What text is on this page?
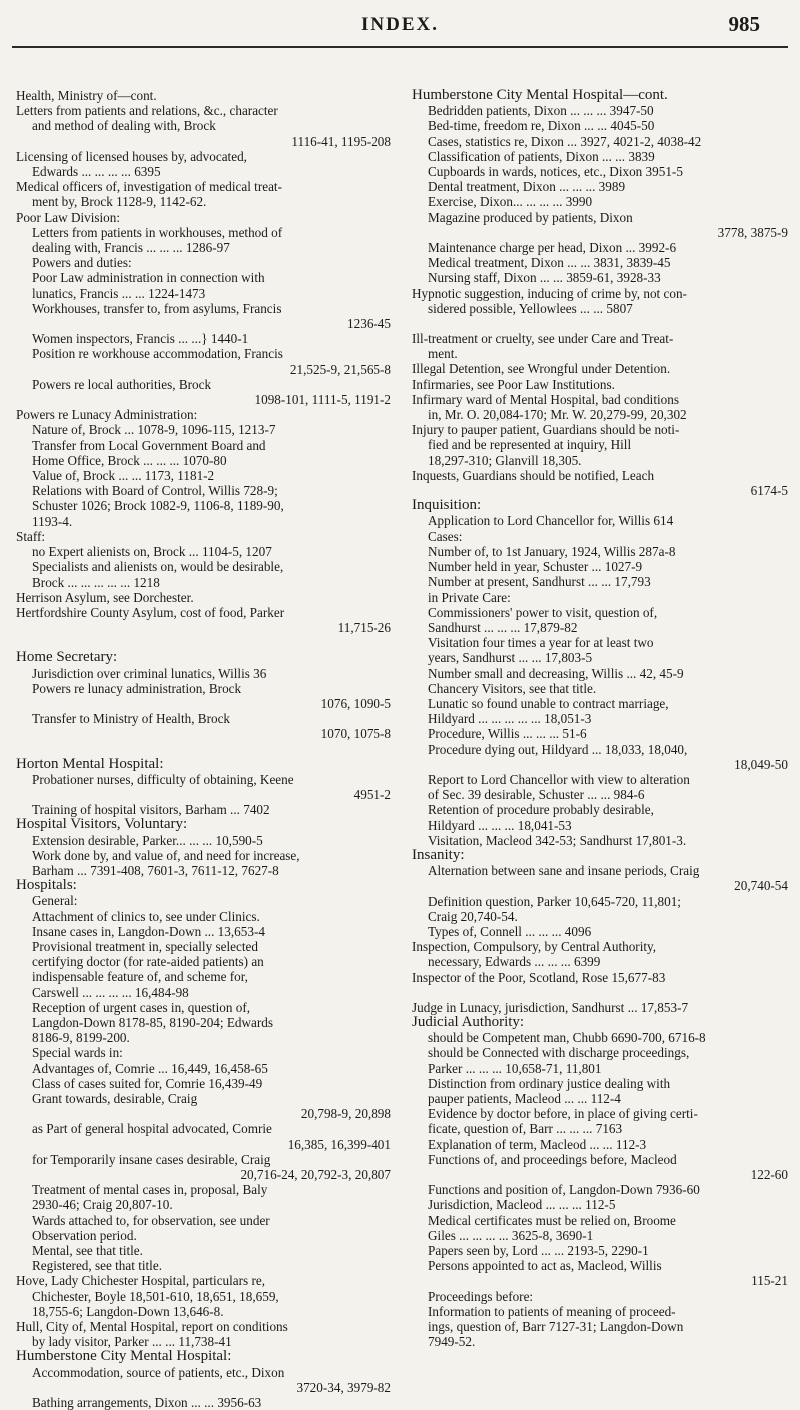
INDEX.	985
Health, Ministry of—cont.
Letters from patients and relations, &c., character
and method of dealing with, Brock
1116-41, 1195-208
Licensing of licensed houses by, advocated,
Edwards ... ... ... ... 6395
Medical officers of, investigation of medical treat-
ment by, Brock 1128-9, 1142-62.
Poor Law Division:
Letters from patients in workhouses, method of
dealing with, Francis ... ... ... 1286-97
Powers and duties:
Poor Law administration in connection with
lunatics, Francis ... ... 1224-1473
Workhouses, transfer to, from asylums, Francis
1236-45
Women inspectors, Francis ... ...} 1440-1
Position re workhouse accommodation, Francis
21,525-9, 21,565-8
Powers re local authorities, Brock
1098-101, 1111-5, 1191-2
Powers re Lunacy Administration:
Nature of, Brock ... 1078-9, 1096-115, 1213-7
Transfer from Local Government Board and
Home Office, Brock ... ... ... 1070-80
Value of, Brock ... ... 1173, 1181-2
Relations with Board of Control, Willis 728-9;
Schuster 1026; Brock 1082-9, 1106-8, 1189-90,
1193-4.
Staff:
no Expert alienists on, Brock ... 1104-5, 1207
Specialists and alienists on, would be desirable,
Brock ... ... ... ... ... 1218
Herrison Asylum, see Dorchester.
Hertfordshire County Asylum, cost of food, Parker
11,715-26
Home Secretary:
Jurisdiction over criminal lunatics, Willis 36
Powers re lunacy administration, Brock
1076, 1090-5
Transfer to Ministry of Health, Brock
1070, 1075-8
Horton Mental Hospital:
Probationer nurses, difficulty of obtaining, Keene
4951-2
Training of hospital visitors, Barham ... 7402
Hospital Visitors, Voluntary:
Extension desirable, Parker... ... ... 10,590-5
Work done by, and value of, and need for increase,
Barham ... 7391-408, 7601-3, 7611-12, 7627-8
Hospitals:
General:
Attachment of clinics to, see under Clinics.
Insane cases in, Langdon-Down ... 13,653-4
Provisional treatment in, specially selected
certifying doctor (for rate-aided patients) an
indispensable feature of, and scheme for,
Carswell ... ... ... ... 16,484-98
Reception of urgent cases in, question of,
Langdon-Down 8178-85, 8190-204; Edwards
8186-9, 8199-200.
Special wards in:
Advantages of, Comrie ... 16,449, 16,458-65
Class of cases suited for, Comrie 16,439-49
Grant towards, desirable, Craig
20,798-9, 20,898
as Part of general hospital advocated, Comrie
16,385, 16,399-401
for Temporarily insane cases desirable, Craig
20,716-24, 20,792-3, 20,807
Treatment of mental cases in, proposal, Baly
2930-46; Craig 20,807-10.
Wards attached to, for observation, see under
Observation period.
Mental, see that title.
Registered, see that title.
Hove, Lady Chichester Hospital, particulars re,
Chichester, Boyle 18,501-610, 18,651, 18,659,
18,755-6; Langdon-Down 13,646-8.
Hull, City of, Mental Hospital, report on conditions
by lady visitor, Parker ... ... 11,738-41
Humberstone City Mental Hospital:
Accommodation, source of patients, etc., Dixon
3720-34, 3979-82
Bathing arrangements, Dixon ... ... 3956-63
Humberstone City Mental Hospital—cont.
Bedridden patients, Dixon ... ... ... 3947-50
Bed-time, freedom re, Dixon ... ... 4045-50
Cases, statistics re, Dixon ... 3927, 4021-2, 4038-42
Classification of patients, Dixon ... ... 3839
Cupboards in wards, notices, etc., Dixon 3951-5
Dental treatment, Dixon ... ... ... 3989
Exercise, Dixon... ... ... ... 3990
Magazine produced by patients, Dixon
3778, 3875-9
Maintenance charge per head, Dixon ... 3992-6
Medical treatment, Dixon ... ... 3831, 3839-45
Nursing staff, Dixon ... ... 3859-61, 3928-33
Hypnotic suggestion, inducing of crime by, not con-
sidered possible, Yellowlees ... ... 5807
Ill-treatment or cruelty, see under Care and Treat-
ment.
Illegal Detention, see Wrongful under Detention.
Infirmaries, see Poor Law Institutions.
Infirmary ward of Mental Hospital, bad conditions
in, Mr. O. 20,084-170; Mr. W. 20,279-99, 20,302
Injury to pauper patient, Guardians should be noti-
fied and be represented at inquiry, Hill
18,297-310; Glanvill 18,305.
Inquests, Guardians should be notified, Leach
6174-5
Inquisition:
Application to Lord Chancellor for, Willis 614
Cases:
Number of, to 1st January, 1924, Willis 287a-8
Number held in year, Schuster ... 1027-9
Number at present, Sandhurst ... ... 17,793
in Private Care:
Commissioners' power to visit, question of,
Sandhurst ... ... ... 17,879-82
Visitation four times a year for at least two
years, Sandhurst ... ... 17,803-5
Number small and decreasing, Willis ... 42, 45-9
Chancery Visitors, see that title.
Lunatic so found unable to contract marriage,
Hildyard ... ... ... ... ... 18,051-3
Procedure, Willis ... ... ... 51-6
Procedure dying out, Hildyard ... 18,033, 18,040,
18,049-50
Report to Lord Chancellor with view to alteration
of Sec. 39 desirable, Schuster ... ... 984-6
Retention of procedure probably desirable,
Hildyard ... ... ... 18,041-53
Visitation, Macleod 342-53; Sandhurst 17,801-3.
Insanity:
Alternation between sane and insane periods, Craig
20,740-54
Definition question, Parker 10,645-720, 11,801;
Craig 20,740-54.
Types of, Connell ... ... ... 4096
Inspection, Compulsory, by Central Authority,
necessary, Edwards ... ... ... 6399
Inspector of the Poor, Scotland, Rose 15,677-83
Judge in Lunacy, jurisdiction, Sandhurst ... 17,853-7
Judicial Authority:
should be Competent man, Chubb 6690-700, 6716-8
should be Connected with discharge proceedings,
Parker ... ... ... 10,658-71, 11,801
Distinction from ordinary justice dealing with
pauper patients, Macleod ... ... 112-4
Evidence by doctor before, in place of giving certi-
ficate, question of, Barr ... ... ... 7163
Explanation of term, Macleod ... ... 112-3
Functions of, and proceedings before, Macleod
122-60
Functions and position of, Langdon-Down 7936-60
Jurisdiction, Macleod ... ... ... 112-5
Medical certificates must be relied on, Broome
Giles ... ... ... ... 3625-8, 3690-1
Papers seen by, Lord ... ... 2193-5, 2290-1
Persons appointed to act as, Macleod, Willis
115-21
Proceedings before:
Information to patients of meaning of proceed-
ings, question of, Barr 7127-31; Langdon-Down
7949-52.
